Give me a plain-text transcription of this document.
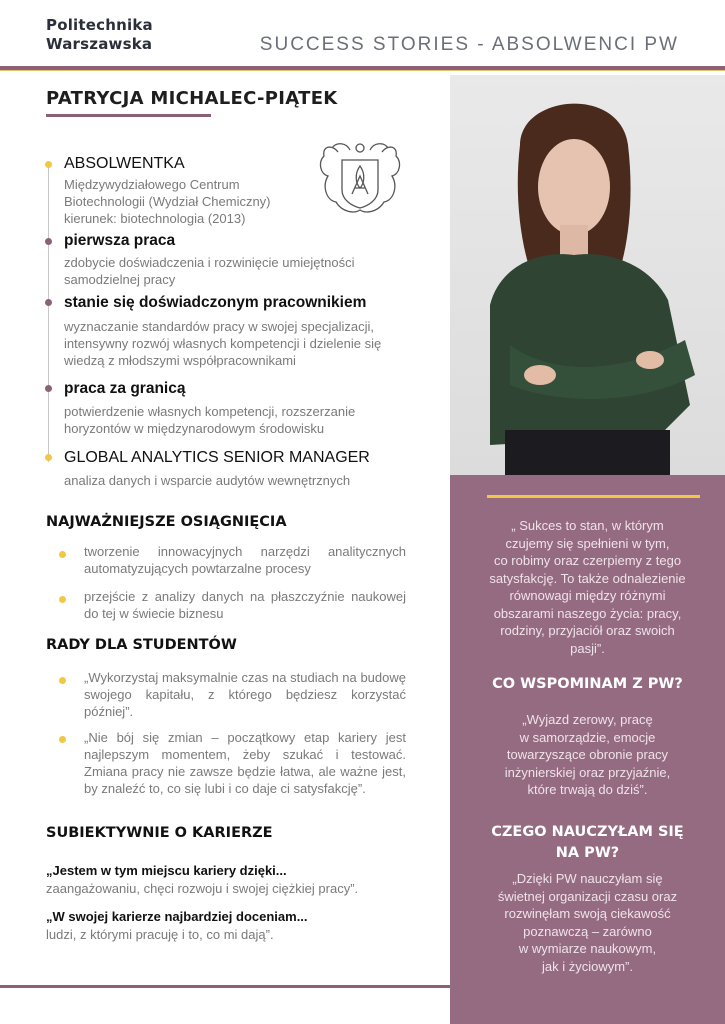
Politechnika
Warszawska	SUCCESS STORIES - ABSOLWENCI PW
PATRYCJA MICHALEC-PIĄTEK
ABSOLWENTKA
Międzywydziałowego Centrum
Biotechnologii (Wydział Chemiczny)
kierunek: biotechnologia (2013)
pierwsza praca
zdobycie doświadczenia i rozwinięcie umiejętności
samodzielnej pracy
stanie się doświadczonym pracownikiem
wyznaczanie standardów pracy w swojej specjalizacji,
intensywny rozwój własnych kompetencji i dzielenie się
wiedzą z młodszymi współpracownikami
praca za granicą
potwierdzenie własnych kompetencji, rozszerzanie
horyzontów w międzynarodowym środowisku
GLOBAL ANALYTICS SENIOR MANAGER
analiza danych i wsparcie audytów wewnętrznych
NAJWAŻNIEJSZE OSIĄGNIĘCIA
tworzenie innowacyjnych narzędzi analitycznych automatyzujących powtarzalne procesy
przejście z analizy danych na płaszczyźnie naukowej do tej w świecie biznesu
RADY DLA STUDENTÓW
„Wykorzystaj maksymalnie czas na studiach na budowę swojego kapitału, z którego będziesz korzystać później”.
„Nie bój się zmian – początkowy etap kariery jest najlepszym momentem, żeby szukać i testować. Zmiana pracy nie zawsze będzie łatwa, ale ważne jest, by znaleźć to, co się lubi i co daje ci satysfakcję”.
SUBIEKTYWNIE O KARIERZE
„Jestem w tym miejscu kariery dzięki...
zaangażowaniu, chęci rozwoju i swojej ciężkiej pracy”.
„W swojej karierze najbardziej doceniam...
ludzi, z którymi pracuję i to, co mi dają”.
„ Sukces to stan, w którym
czujemy się spełnieni w tym,
co robimy oraz czerpiemy z tego
satysfakcję. To także odnalezienie
równowagi między różnymi
obszarami naszego życia: pracy,
rodziny, przyjaciół oraz swoich
pasji”.
CO WSPOMINAM Z PW?
„Wyjazd zerowy, pracę
w samorządzie, emocje
towarzyszące obronie pracy
inżynierskiej oraz przyjaźnie,
które trwają do dziś”.
CZEGO NAUCZYŁAM SIĘ
NA PW?
„Dzięki PW nauczyłam się
świetnej organizacji czasu oraz
rozwinęłam swoją ciekawość
poznawczą – zarówno
w wymiarze naukowym,
jak i życiowym”.
